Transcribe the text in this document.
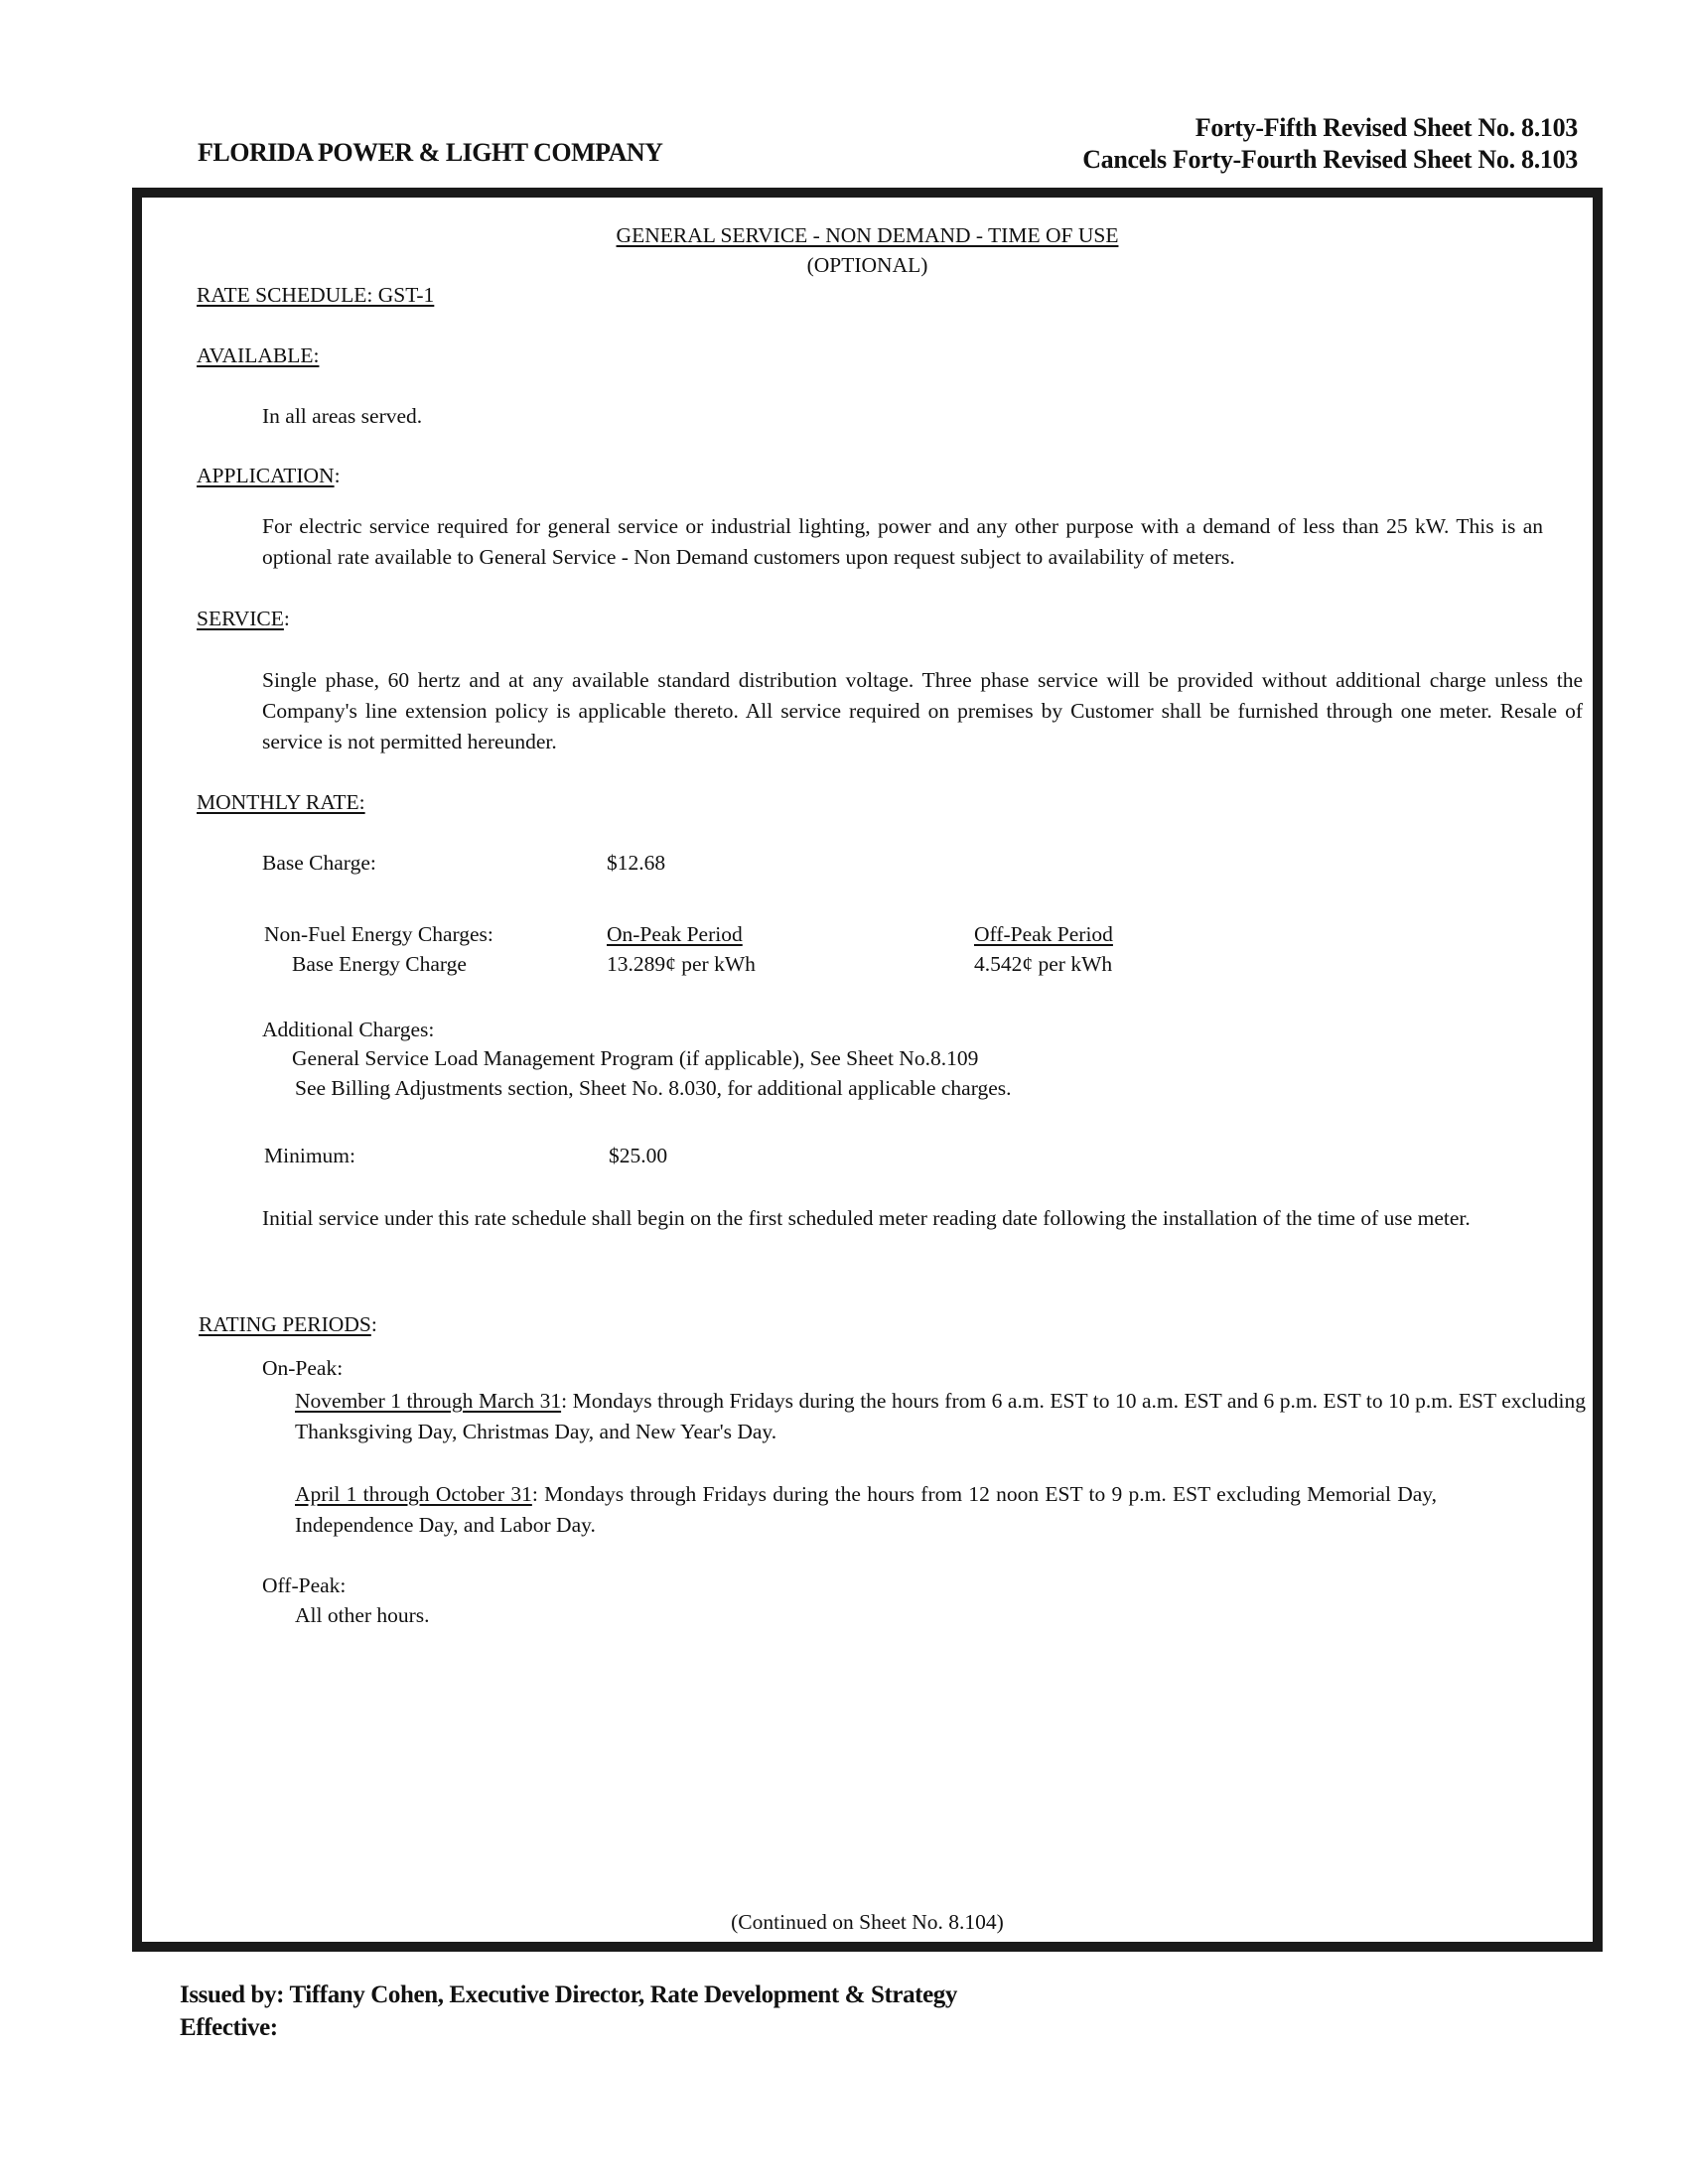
FLORIDA POWER & LIGHT COMPANY
Forty-Fifth Revised Sheet No. 8.103
Cancels Forty-Fourth Revised Sheet No. 8.103
GENERAL SERVICE - NON DEMAND - TIME OF USE
(OPTIONAL)
RATE SCHEDULE: GST-1
AVAILABLE:
In all areas served.
APPLICATION:
For electric service required for general service or industrial lighting, power and any other purpose with a demand of less than 25 kW. This is an optional rate available to General Service - Non Demand customers upon request subject to availability of meters.
SERVICE:
Single phase, 60 hertz and at any available standard distribution voltage. Three phase service will be provided without additional charge unless the Company's line extension policy is applicable thereto. All service required on premises by Customer shall be furnished through one meter. Resale of service is not permitted hereunder.
MONTHLY RATE:
Base Charge:	$12.68
Non-Fuel Energy Charges:	On-Peak Period	Off-Peak Period
Base Energy Charge	13.289¢ per kWh	4.542¢ per kWh
Additional Charges:
General Service Load Management Program (if applicable), See Sheet No.8.109
See Billing Adjustments section, Sheet No. 8.030, for additional applicable charges.
Minimum:	$25.00
Initial service under this rate schedule shall begin on the first scheduled meter reading date following the installation of the time of use meter.
RATING PERIODS:
On-Peak:
November 1 through March 31: Mondays through Fridays during the hours from 6 a.m. EST to 10 a.m. EST and 6 p.m. EST to 10 p.m. EST excluding Thanksgiving Day, Christmas Day, and New Year's Day.
April 1 through October 31: Mondays through Fridays during the hours from 12 noon EST to 9 p.m. EST excluding Memorial Day, Independence Day, and Labor Day.
Off-Peak:
All other hours.
(Continued on Sheet No. 8.104)
Issued by: Tiffany Cohen, Executive Director, Rate Development & Strategy
Effective:
